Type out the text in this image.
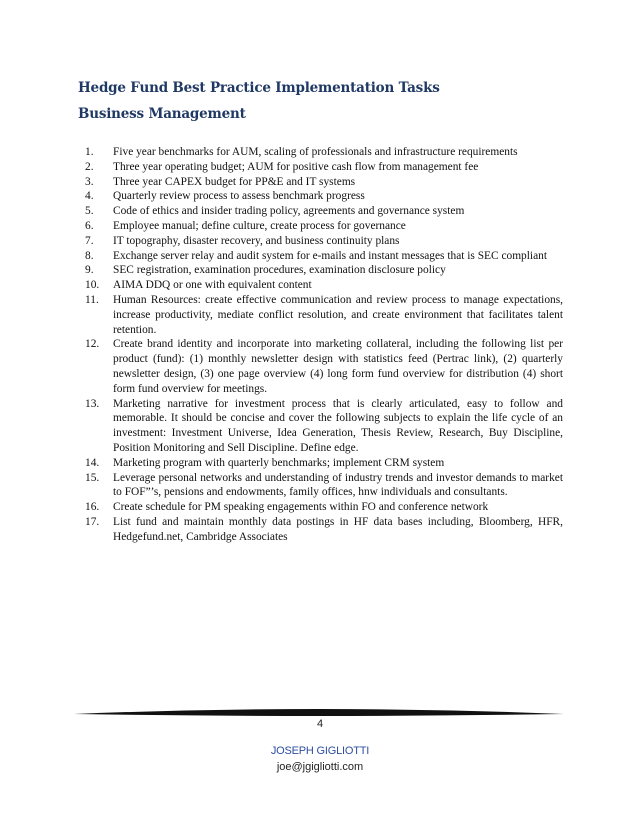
Hedge Fund Best Practice Implementation Tasks
Business Management
1.	Five year benchmarks for AUM, scaling of professionals and infrastructure requirements
2.	Three year operating budget; AUM for positive cash flow from management fee
3.	Three year CAPEX budget for PP&E and IT systems
4.	Quarterly review process to assess benchmark progress
5.	Code of ethics and insider trading policy, agreements and governance system
6.	Employee manual; define culture, create process for governance
7.	IT topography, disaster recovery, and business continuity plans
8.	Exchange server relay and audit system for e-mails and instant messages that is SEC compliant
9.	SEC registration, examination procedures, examination disclosure policy
10.	AIMA DDQ or one with equivalent content
11.	Human Resources: create effective communication and review process to manage expectations, increase productivity, mediate conflict resolution, and create environment that facilitates talent retention.
12.	Create brand identity and incorporate into marketing collateral, including the following list per product (fund): (1) monthly newsletter design with statistics feed (Pertrac link), (2) quarterly newsletter design, (3) one page overview (4) long form fund overview for distribution (4) short form fund overview for meetings.
13.	Marketing narrative for investment process that is clearly articulated, easy to follow and memorable. It should be concise and cover the following subjects to explain the life cycle of an investment: Investment Universe, Idea Generation, Thesis Review, Research, Buy Discipline, Position Monitoring and Sell Discipline. Define edge.
14.	Marketing program with quarterly benchmarks; implement CRM system
15.	Leverage personal networks and understanding of industry trends and investor demands to market to FOF”’s, pensions and endowments, family offices, hnw individuals and consultants.
16.	Create schedule for PM speaking engagements within FO and conference network
17.	List fund and maintain monthly data postings in HF data bases including, Bloomberg, HFR, Hedgefund.net, Cambridge Associates
4
JOSEPH GIGLIOTTI
joe@jgigliotti.com
